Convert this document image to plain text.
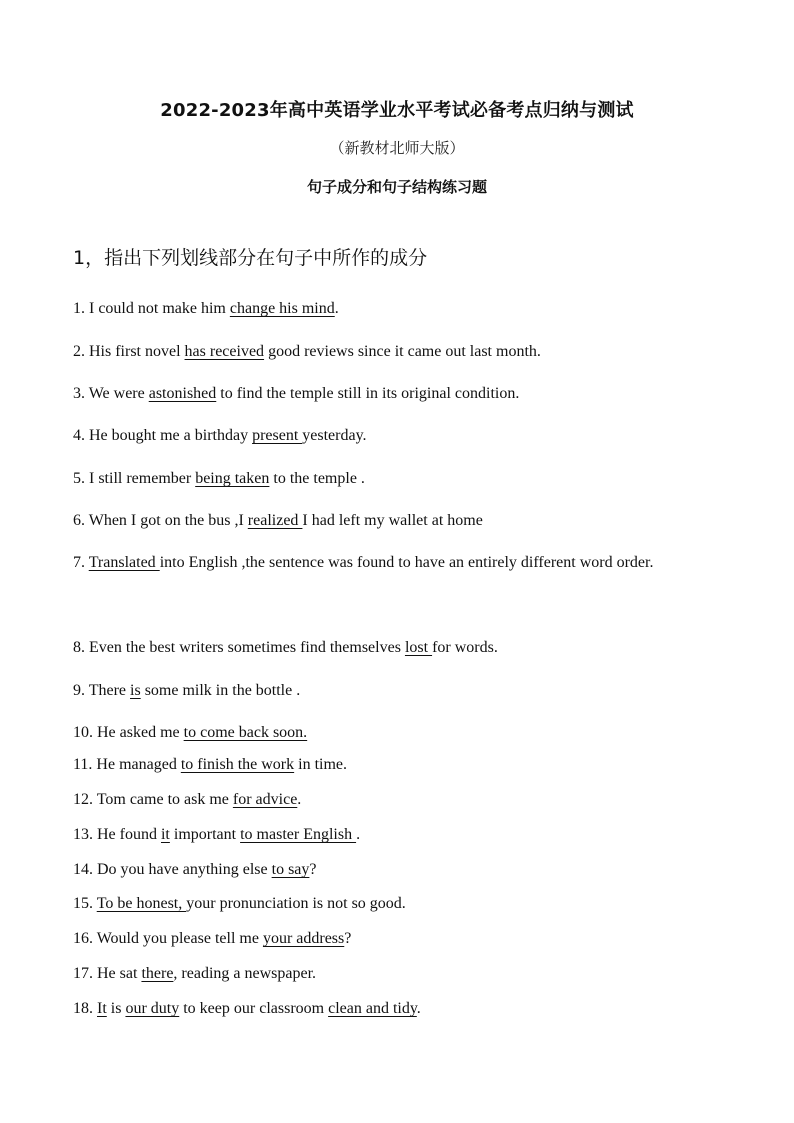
2022-2023年高中英语学业水平考试必备考点归纳与测试
（新教材北师大版）
句子成分和句子结构练习题
1，指出下列划线部分在句子中所作的成分
1. I could not make him change his mind.
2. His first novel has received good reviews since it came out last month.
3. We were astonished to find the temple still in its original condition.
4. He bought me a birthday present yesterday.
5. I still remember being taken to the temple .
6. When I got on the bus ,I realized I had left my wallet at home
7. Translated into English ,the sentence was found to have an entirely different word order.
8. Even the best writers sometimes find themselves lost for words.
9. There is some milk in the bottle .
10. He asked me to come back soon.
11. He managed to finish the work in time.
12. Tom came to ask me for advice.
13. He found it important to master English .
14. Do you have anything else to say?
15. To be honest, your pronunciation is not so good.
16. Would you please tell me your address?
17. He sat there, reading a newspaper.
18. It is our duty to keep our classroom clean and tidy.
